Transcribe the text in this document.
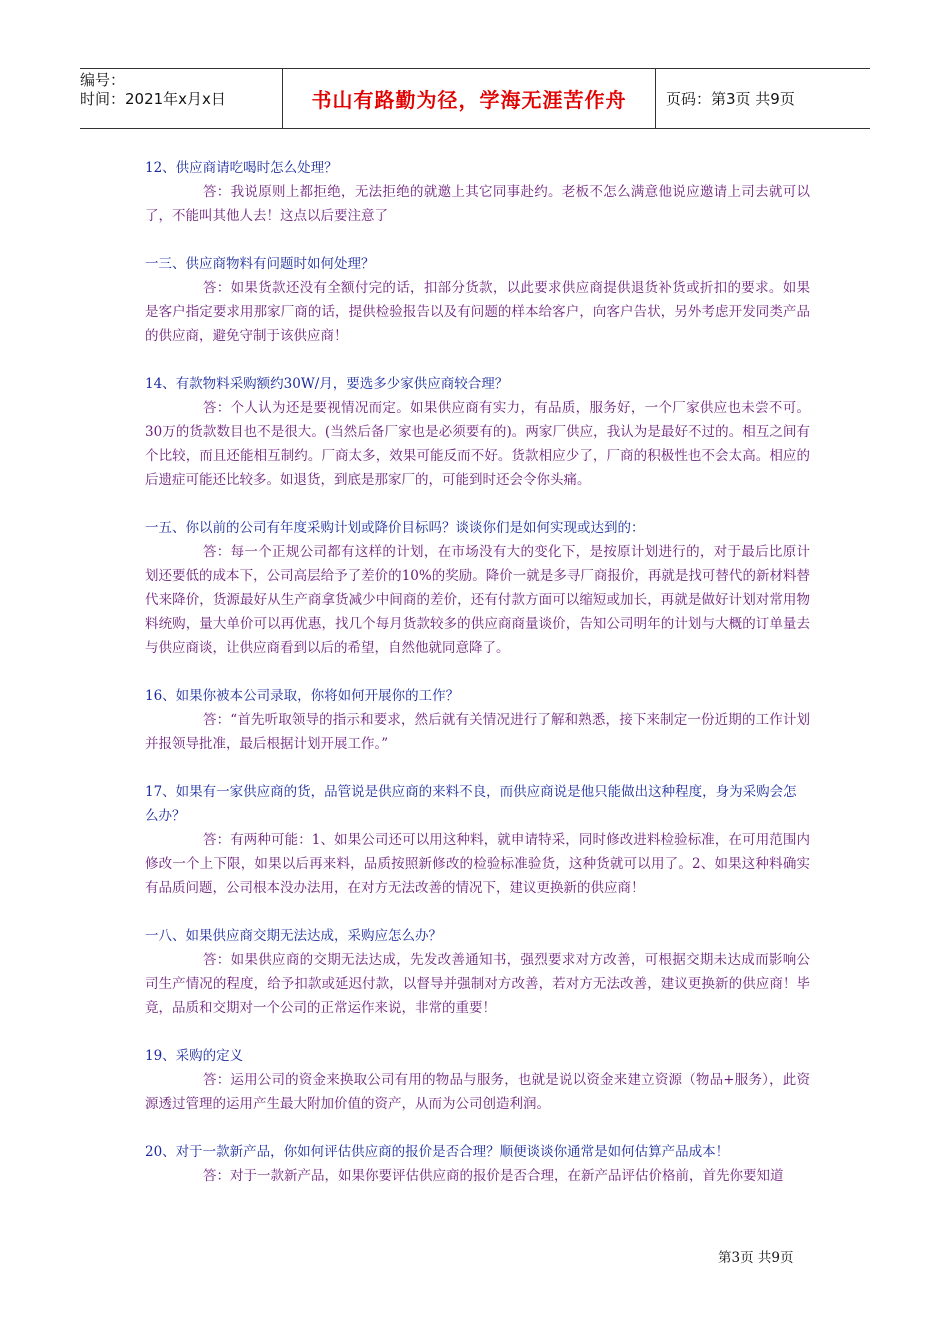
编号：
时间：2021年x月x日	书山有路勤为径，学海无涯苦作舟	页码：第3页 共9页
12、供应商请吃喝时怎么处理？
答：我说原则上都拒绝，无法拒绝的就邀上其它同事赴约。老板不怎么满意他说应邀请上司去就可以了，不能叫其他人去！这点以后要注意了
一三、供应商物料有问题时如何处理？
答：如果货款还没有全额付完的话，扣部分货款，以此要求供应商提供退货补货或折扣的要求。如果是客户指定要求用那家厂商的话，提供检验报告以及有问题的样本给客户，向客户告状，另外考虑开发同类产品的供应商，避免守制于该供应商！
14、有款物料采购额约30W/月，要选多少家供应商较合理？
答：个人认为还是要视情况而定。如果供应商有实力，有品质，服务好，一个厂家供应也未尝不可。30万的货款数目也不是很大。(当然后备厂家也是必须要有的)。两家厂供应，我认为是最好不过的。相互之间有个比较，而且还能相互制约。厂商太多，效果可能反而不好。货款相应少了，厂商的积极性也不会太高。相应的后遗症可能还比较多。如退货，到底是那家厂的，可能到时还会令你头痛。
一五、你以前的公司有年度采购计划或降价目标吗？谈谈你们是如何实现或达到的：
答：每一个正规公司都有这样的计划，在市场没有大的变化下，是按原计划进行的，对于最后比原计划还要低的成本下，公司高层给予了差价的10%的奖励。降价一就是多寻厂商报价，再就是找可替代的新材料替代来降价，货源最好从生产商拿货减少中间商的差价，还有付款方面可以缩短或加长，再就是做好计划对常用物料统购，量大单价可以再优惠，找几个每月货款较多的供应商商量谈价，告知公司明年的计划与大概的订单量去与供应商谈，让供应商看到以后的希望，自然他就同意降了。
16、如果你被本公司录取，你将如何开展你的工作？
答：“首先听取领导的指示和要求，然后就有关情况进行了解和熟悉，接下来制定一份近期的工作计划并报领导批准，最后根据计划开展工作。”
17、如果有一家供应商的货，品管说是供应商的来料不良，而供应商说是他只能做出这种程度，身为采购会怎么办？
答：有两种可能：1、如果公司还可以用这种料，就申请特采，同时修改进料检验标准，在可用范围内修改一个上下限，如果以后再来料，品质按照新修改的检验标准验货，这种货就可以用了。2、如果这种料确实有品质问题，公司根本没办法用，在对方无法改善的情况下，建议更换新的供应商！
一八、如果供应商交期无法达成，采购应怎么办？
答：如果供应商的交期无法达成，先发改善通知书，强烈要求对方改善，可根据交期未达成而影响公司生产情况的程度，给予扣款或延迟付款，以督导并强制对方改善，若对方无法改善，建议更换新的供应商！毕竟，品质和交期对一个公司的正常运作来说，非常的重要！
19、采购的定义
答：运用公司的资金来换取公司有用的物品与服务，也就是说以资金来建立资源（物品+服务），此资源透过管理的运用产生最大附加价值的资产，从而为公司创造利润。
20、对于一款新产品，你如何评估供应商的报价是否合理？顺便谈谈你通常是如何估算产品成本！
答：对于一款新产品，如果你要评估供应商的报价是否合理，在新产品评估价格前，首先你要知道
第3页 共9页
